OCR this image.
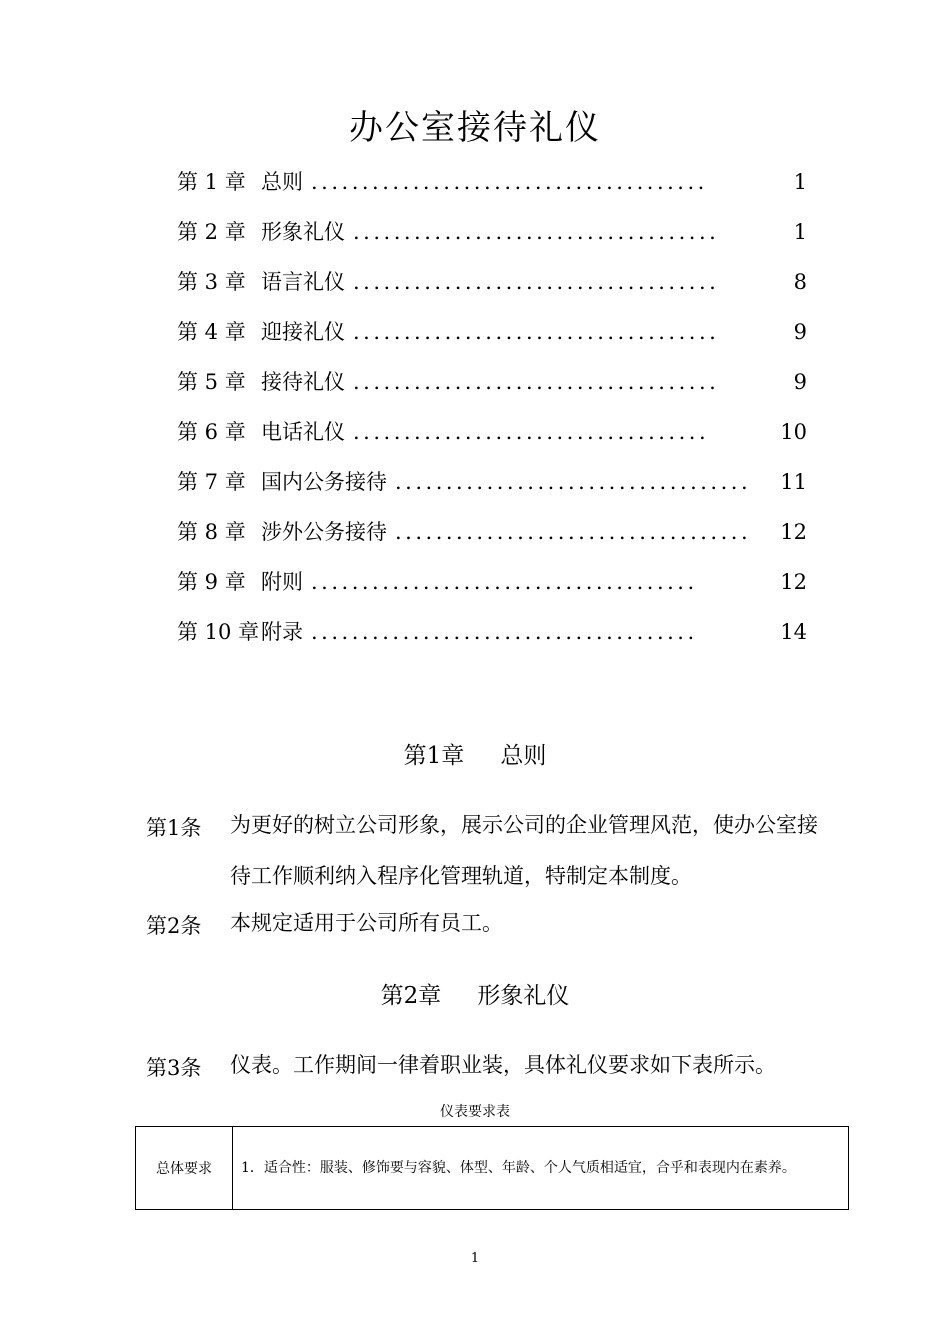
办公室接待礼仪
第 1 章 总则 .......................................	1
第 2 章 形象礼仪 ....................................	1
第 3 章 语言礼仪 ....................................	8
第 4 章 迎接礼仪 ....................................	9
第 5 章 接待礼仪 ....................................	9
第 6 章 电话礼仪 ...................................	10
第 7 章 国内公务接待 ...................................	11
第 8 章 涉外公务接待 ...................................	12
第 9 章 附则 ......................................	12
第 10 章 附录 ......................................	14
第1章 总则
第1条 为更好的树立公司形象，展示公司的企业管理风范，使办公室接待工作顺利纳入程序化管理轨道，特制定本制度。
第2条 本规定适用于公司所有员工。
第2章 形象礼仪
第3条 仪表。工作期间一律着职业装，具体礼仪要求如下表所示。
仪表要求表
总体要求	1．适合性：服装、修饰要与容貌、体型、年龄、个人气质相适宜，合乎和表现内在素养。
1
